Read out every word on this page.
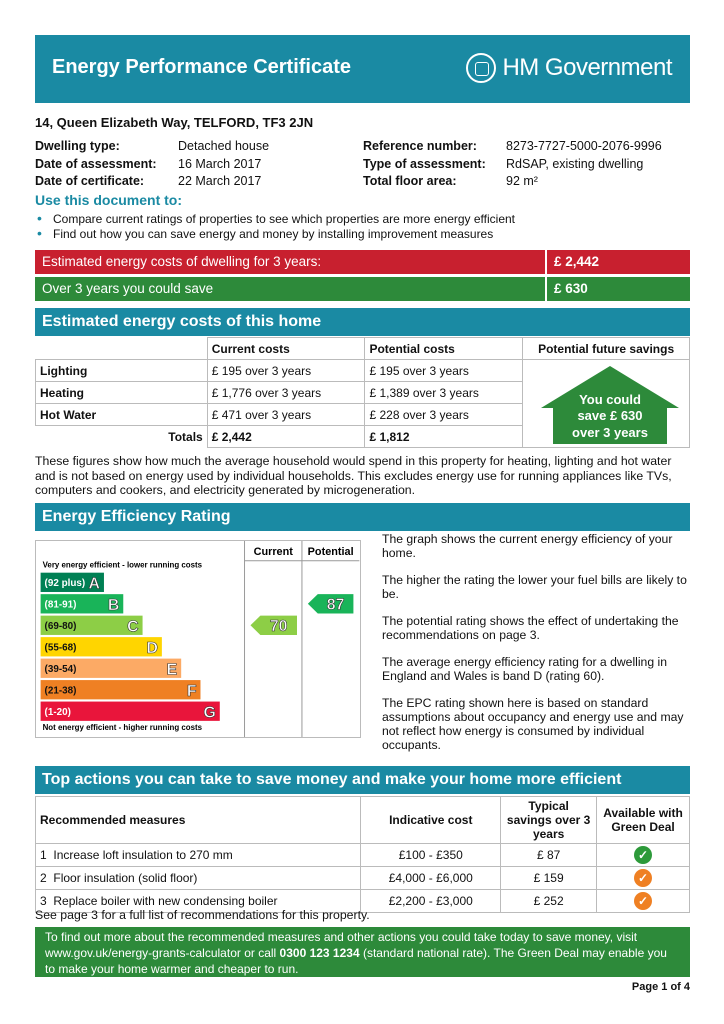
Energy Performance Certificate	HM Government
14, Queen Elizabeth Way, TELFORD, TF3 2JN
Dwelling type:	Detached house
Date of assessment:	16 March 2017
Date of certificate:	22 March 2017
Reference number:	8273-7727-5000-2076-9996
Type of assessment:	RdSAP, existing dwelling
Total floor area:	92 m²
Use this document to:
• Compare current ratings of properties to see which properties are more energy efficient
• Find out how you can save energy and money by installing improvement measures
Estimated energy costs of dwelling for 3 years:	£ 2,442
Over 3 years you could save	£ 630
Estimated energy costs of this home
	Current costs	Potential costs	Potential future savings
Lighting	£ 195 over 3 years	£ 195 over 3 years	
Heating	£ 1,776 over 3 years	£ 1,389 over 3 years	
Hot Water	£ 471 over 3 years	£ 228 over 3 years	
Totals	£ 2,442	£ 1,812	
You could
save £ 630
over 3 years
These figures show how much the average household would spend in this property for heating, lighting and hot water and is not based on energy used by individual households. This excludes energy use for running appliances like TVs, computers and cookers, and electricity generated by microgeneration.
Energy Efficiency Rating
Current Potential
Very energy efficient - lower running costs
Not energy efficient - higher running costs
(92 plus) A
(81-91) B
(69-80)	C
(55-68)	D
(39-54)	E
(21-38)	F
(1-20)	G
70
87

The graph shows the current energy efficiency of your home.

The higher the rating the lower your fuel bills are likely to be.

The potential rating shows the effect of undertaking the recommendations on page 3.

The average energy efficiency rating for a dwelling in England and Wales is band D (rating 60).

The EPC rating shown here is based on standard assumptions about occupancy and energy use and may not reflect how energy is consumed by individual occupants.

Top actions you can take to save money and make your home more efficient
Recommended measures	Indicative cost	Typical savings over 3 years	Available with Green Deal
1 Increase loft insulation to 270 mm	£100 - £350	£ 87	✓
2 Floor insulation (solid floor)	£4,000 - £6,000	£ 159	✓
3 Replace boiler with new condensing boiler	£2,200 - £3,000	£ 252	✓
See page 3 for a full list of recommendations for this property.
To find out more about the recommended measures and other actions you could take today to save money, visit www.gov.uk/energy-grants-calculator or call 0300 123 1234 (standard national rate). The Green Deal may enable you to make your home warmer and cheaper to run.
Page 1 of 4
